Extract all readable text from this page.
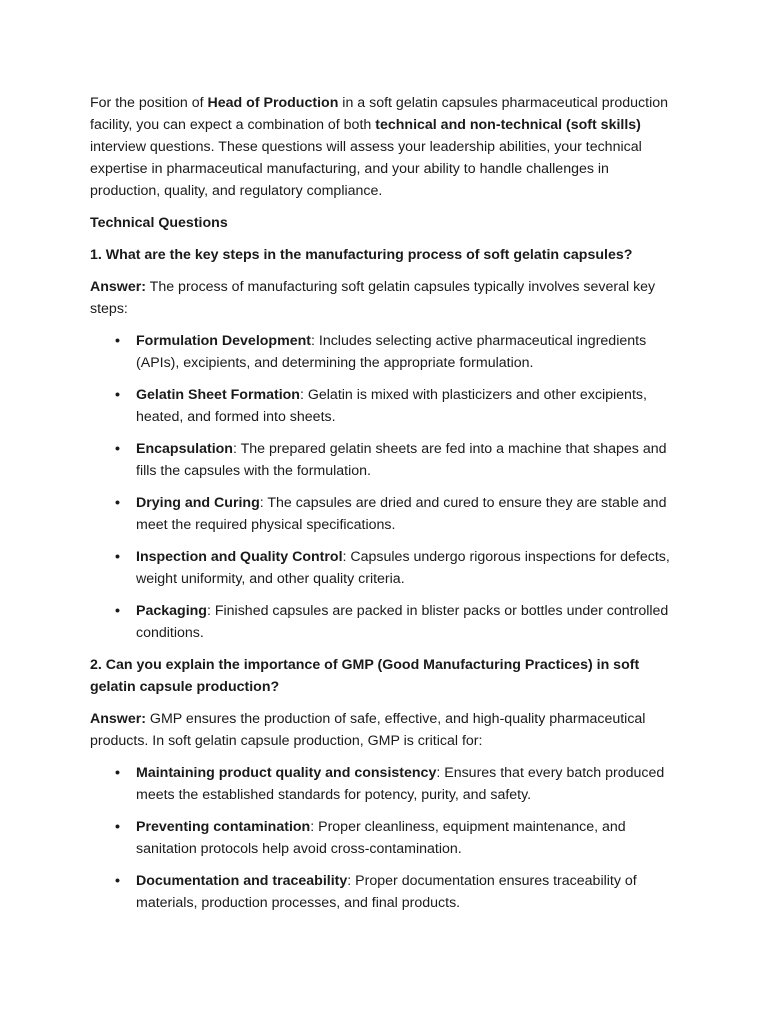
For the position of Head of Production in a soft gelatin capsules pharmaceutical production facility, you can expect a combination of both technical and non-technical (soft skills) interview questions. These questions will assess your leadership abilities, your technical expertise in pharmaceutical manufacturing, and your ability to handle challenges in production, quality, and regulatory compliance.

Technical Questions

1. What are the key steps in the manufacturing process of soft gelatin capsules?

Answer: The process of manufacturing soft gelatin capsules typically involves several key steps:

• Formulation Development: Includes selecting active pharmaceutical ingredients (APIs), excipients, and determining the appropriate formulation.
• Gelatin Sheet Formation: Gelatin is mixed with plasticizers and other excipients, heated, and formed into sheets.
• Encapsulation: The prepared gelatin sheets are fed into a machine that shapes and fills the capsules with the formulation.
• Drying and Curing: The capsules are dried and cured to ensure they are stable and meet the required physical specifications.
• Inspection and Quality Control: Capsules undergo rigorous inspections for defects, weight uniformity, and other quality criteria.
• Packaging: Finished capsules are packed in blister packs or bottles under controlled conditions.

2. Can you explain the importance of GMP (Good Manufacturing Practices) in soft gelatin capsule production?

Answer: GMP ensures the production of safe, effective, and high-quality pharmaceutical products. In soft gelatin capsule production, GMP is critical for:

• Maintaining product quality and consistency: Ensures that every batch produced meets the established standards for potency, purity, and safety.
• Preventing contamination: Proper cleanliness, equipment maintenance, and sanitation protocols help avoid cross-contamination.
• Documentation and traceability: Proper documentation ensures traceability of materials, production processes, and final products.
